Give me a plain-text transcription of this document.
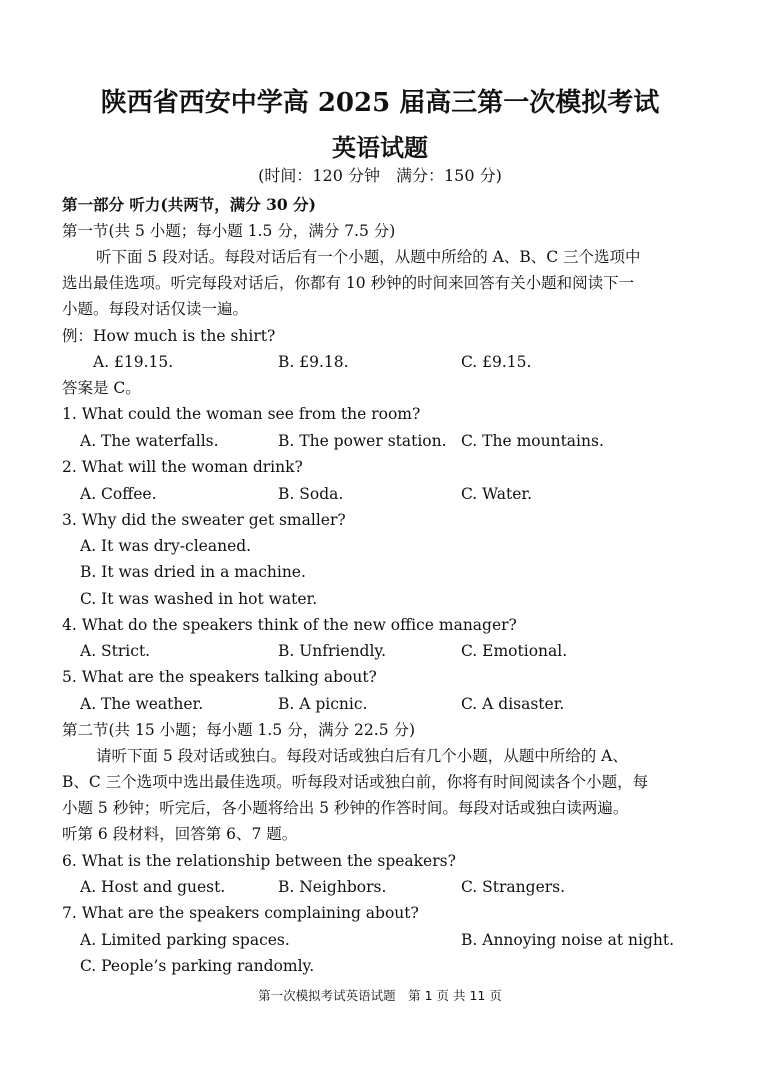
陕西省西安中学高 2025 届高三第一次模拟考试
英语试题
(时间：120 分钟　满分：150 分)
第一部分 听力(共两节，满分 30 分)
第一节(共 5 小题；每小题 1.5 分，满分 7.5 分)
听下面 5 段对话。每段对话后有一个小题，从题中所给的 A、B、C 三个选项中
选出最佳选项。听完每段对话后，你都有 10 秒钟的时间来回答有关小题和阅读下一
小题。每段对话仅读一遍。
例：How much is the shirt?
A. £19.15.	B. £9.18.	C. £9.15.
答案是 C。
1. What could the woman see from the room?
A. The waterfalls.	B. The power station. C. The mountains.
2. What will the woman drink?
A. Coffee.	B. Soda.	C. Water.
3. Why did the sweater get smaller?
A. It was dry-cleaned.
B. It was dried in a machine.
C. It was washed in hot water.
4. What do the speakers think of the new office manager?
A. Strict.	B. Unfriendly.	C. Emotional.
5. What are the speakers talking about?
A. The weather.	B. A picnic.	C. A disaster.
第二节(共 15 小题；每小题 1.5 分，满分 22.5 分)
请听下面 5 段对话或独白。每段对话或独白后有几个小题，从题中所给的 A、
B、C 三个选项中选出最佳选项。听每段对话或独白前，你将有时间阅读各个小题，每
小题 5 秒钟；听完后，各小题将给出 5 秒钟的作答时间。每段对话或独白读两遍。
听第 6 段材料，回答第 6、7 题。
6. What is the relationship between the speakers?
A. Host and guest.	B. Neighbors.	C. Strangers.
7. What are the speakers complaining about?
A. Limited parking spaces.	B. Annoying noise at night.
C. People’s parking randomly.
第一次模拟考试英语试题　第 1 页 共 11 页
